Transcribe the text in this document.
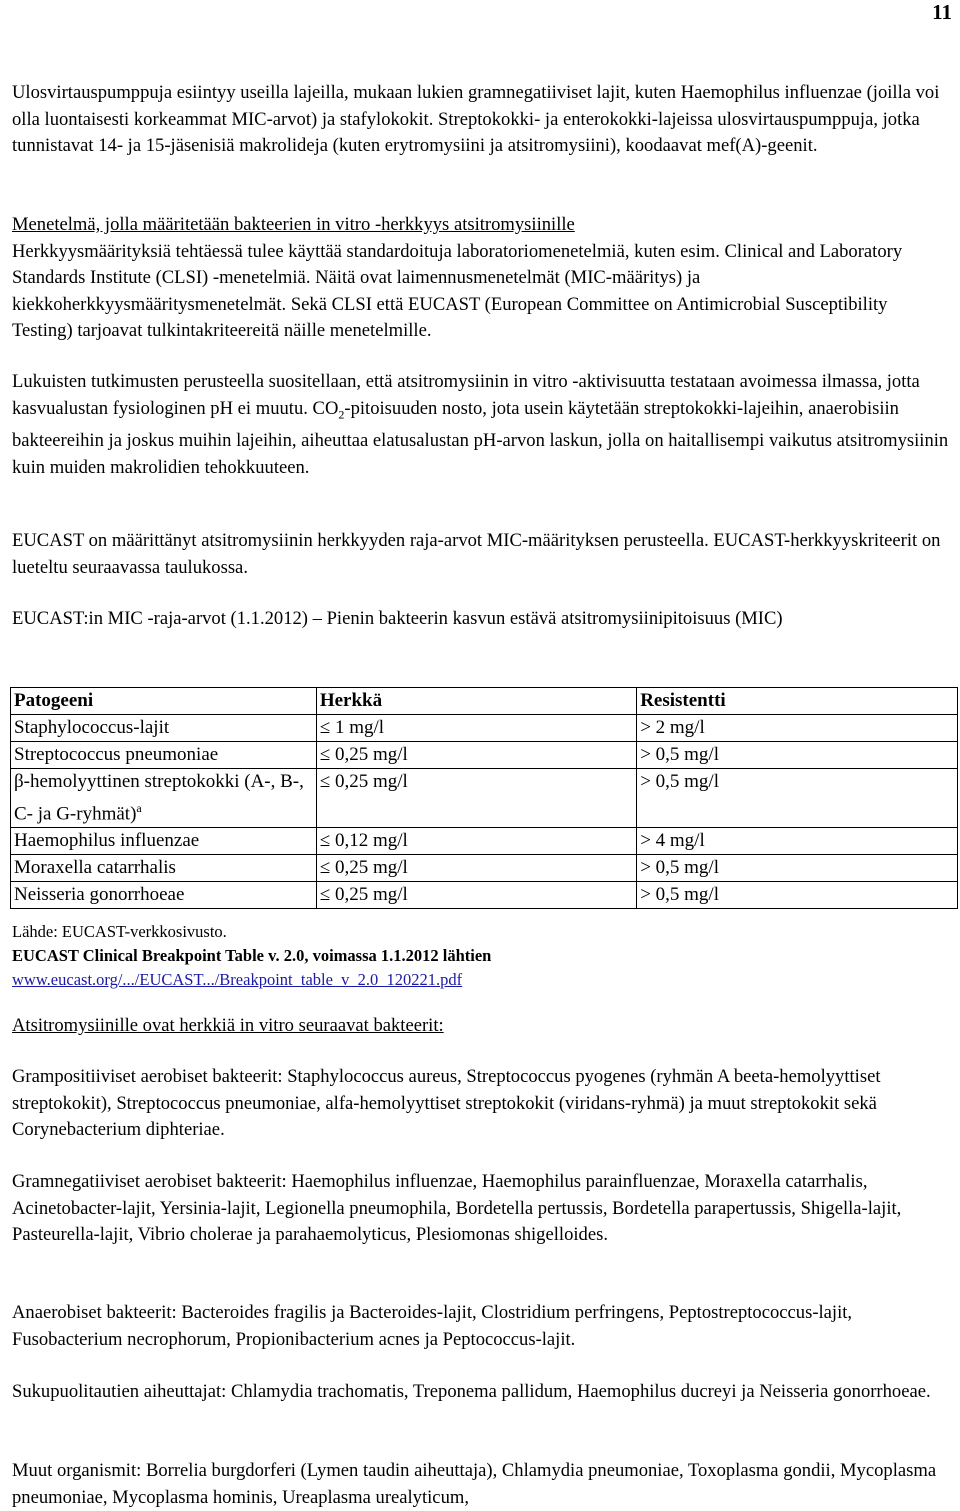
11

Ulosvirtauspumppuja esiintyy useilla lajeilla, mukaan lukien gramnegatiiviset lajit, kuten Haemophilus influenzae (joilla voi olla luontaisesti korkeammat MIC-arvot) ja stafylokokit. Streptokokki- ja enterokokki-lajeissa ulosvirtauspumppuja, jotka tunnistavat 14- ja 15-jäsenisiä makrolideja (kuten erytromysiini ja atsitromysiini), koodaavat mef(A)-geenit.

Menetelmä, jolla määritetään bakteerien in vitro -herkkyys atsitromysiinille

Herkkyysmäärityksiä tehtäessä tulee käyttää standardoituja laboratoriomenetelmiä, kuten esim. Clinical and Laboratory Standards Institute (CLSI) -menetelmiä. Näitä ovat laimennusmenetelmät (MIC-määritys) ja kiekkoherkkyysmääritysmenetelmät. Sekä CLSI että EUCAST (European Committee on Antimicrobial Susceptibility Testing) tarjoavat tulkintakriteereitä näille menetelmille.

Lukuisten tutkimusten perusteella suositellaan, että atsitromysiinin in vitro -aktivisuutta testataan avoimessa ilmassa, jotta kasvualustan fysiologinen pH ei muutu. $CO_2$-pitoisuuden nosto, jota usein käytetään streptokokki-lajeihin, anaerobisiin bakteereihin ja joskus muihin lajeihin, aiheuttaa elatusalustan pH-arvon laskun, jolla on haitallisempi vaikutus atsitromysiinin kuin muiden makrolidien tehokkuuteen.

EUCAST on määrittänyt atsitromysiinin herkkyyden raja-arvot MIC-määrityksen perusteella. EUCAST-herkkyyskriteerit on lueteltu seuraavassa taulukossa.

EUCAST:in MIC -raja-arvot (1.1.2012) – Pienin bakteerin kasvun estävä atsitromysiinipitoisuus (MIC)

Patogeeni	Herkkä	Resistentti
Staphylococcus-lajit	≤ 1 mg/l	> 2 mg/l
Streptococcus pneumoniae	≤ 0,25 mg/l	> 0,5 mg/l
β-hemolyyttinen streptokokki (A-, B-, C- ja G-ryhmät)$^a$	≤ 0,25 mg/l	> 0,5 mg/l
Haemophilus influenzae	≤ 0,12 mg/l	> 4 mg/l
Moraxella catarrhalis	≤ 0,25 mg/l	> 0,5 mg/l
Neisseria gonorrhoeae	≤ 0,25 mg/l	> 0,5 mg/l
Lähde: EUCAST-verkkosivusto.
EUCAST Clinical Breakpoint Table v. 2.0, voimassa 1.1.2012 lähtien
www.eucast.org/.../EUCAST.../Breakpoint_table_v_2.0_120221.pdf

Atsitromysiinille ovat herkkiä in vitro seuraavat bakteerit:

Grampositiiviset aerobiset bakteerit: Staphylococcus aureus, Streptococcus pyogenes (ryhmän A beeta-hemolyyttiset streptokokit), Streptococcus pneumoniae, alfa-hemolyyttiset streptokokit (viridans-ryhmä) ja muut streptokokit sekä Corynebacterium diphteriae.

Gramnegatiiviset aerobiset bakteerit: Haemophilus influenzae, Haemophilus parainfluenzae, Moraxella catarrhalis, Acinetobacter-lajit, Yersinia-lajit, Legionella pneumophila, Bordetella pertussis, Bordetella parapertussis, Shigella-lajit, Pasteurella-lajit, Vibrio cholerae ja parahaemolyticus, Plesiomonas shigelloides.

Anaerobiset bakteerit: Bacteroides fragilis ja Bacteroides-lajit, Clostridium perfringens, Peptostreptococcus-lajit, Fusobacterium necrophorum, Propionibacterium acnes ja Peptococcus-lajit.

Sukupuolitautien aiheuttajat: Chlamydia trachomatis, Treponema pallidum, Haemophilus ducreyi ja Neisseria gonorrhoeae.

Muut organismit: Borrelia burgdorferi (Lymen taudin aiheuttaja), Chlamydia pneumoniae, Toxoplasma gondii, Mycoplasma pneumoniae, Mycoplasma hominis, Ureaplasma urealyticum,
